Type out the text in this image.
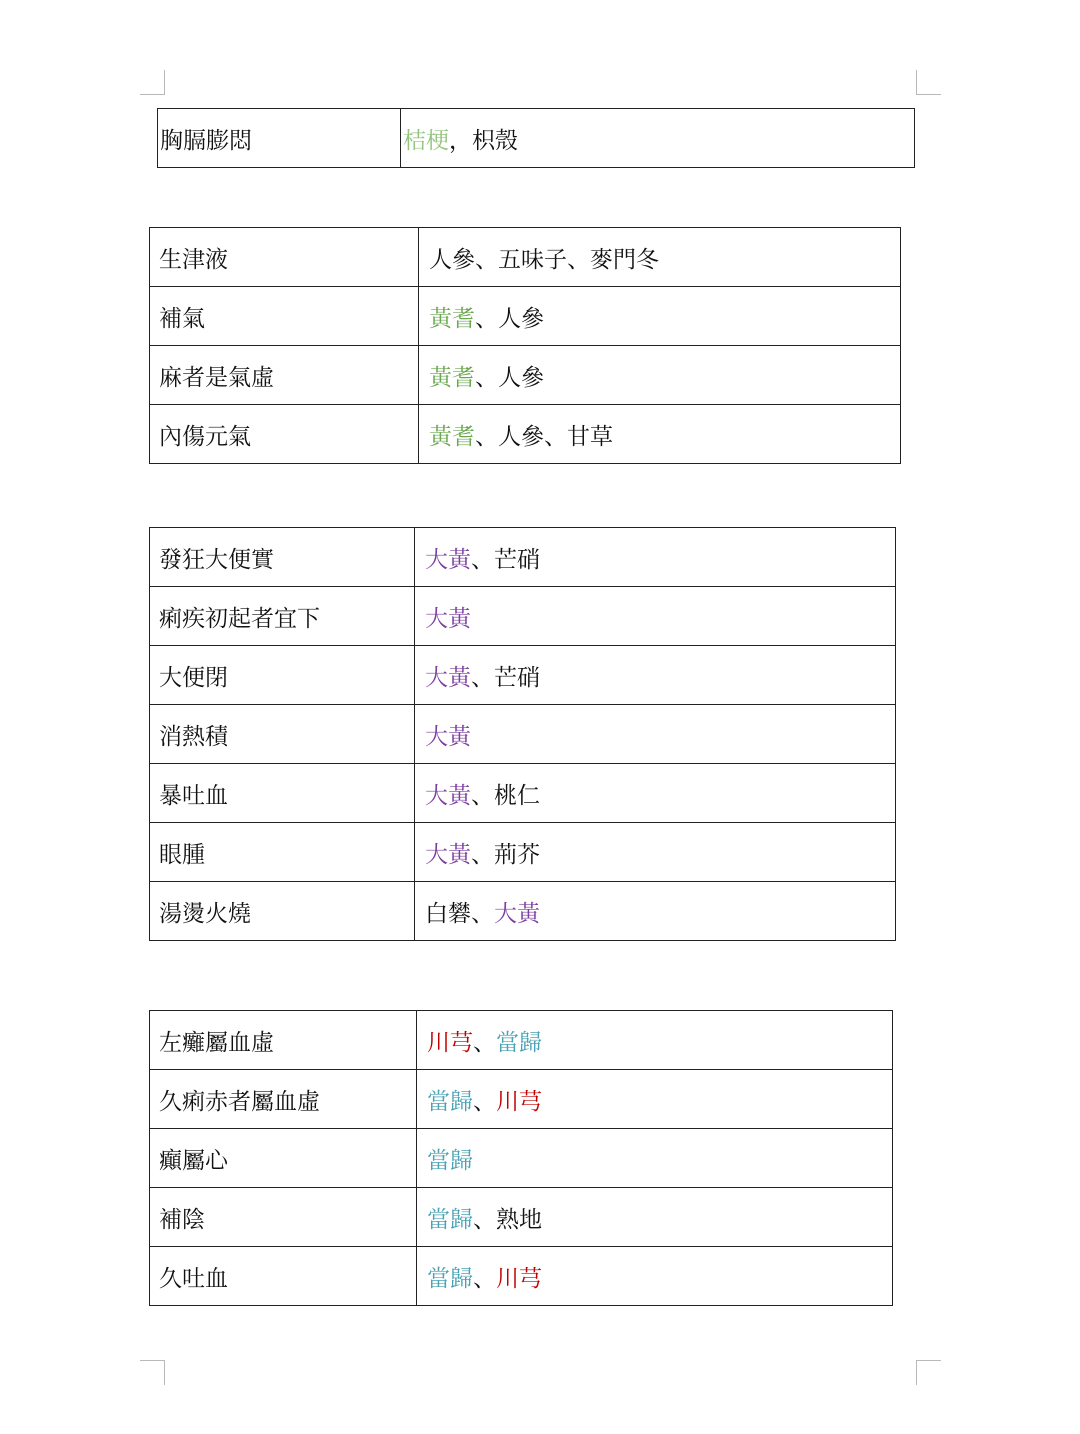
胸膈膨悶	桔梗，枳殼
生津液	人參、五味子、麥門冬
補氣	黃耆、人參
麻者是氣虛	黃耆、人參
內傷元氣	黃耆、人參、甘草
發狂大便實	大黃、芒硝
痢疾初起者宜下	大黃
大便閉	大黃、芒硝
消熱積	大黃
暴吐血	大黃、桃仁
眼腫	大黃、荊芥
湯燙火燒	白礬、大黃
左癱屬血虛	川芎、當歸
久痢赤者屬血虛	當歸、川芎
癲屬心	當歸
補陰	當歸、熟地
久吐血	當歸、川芎
